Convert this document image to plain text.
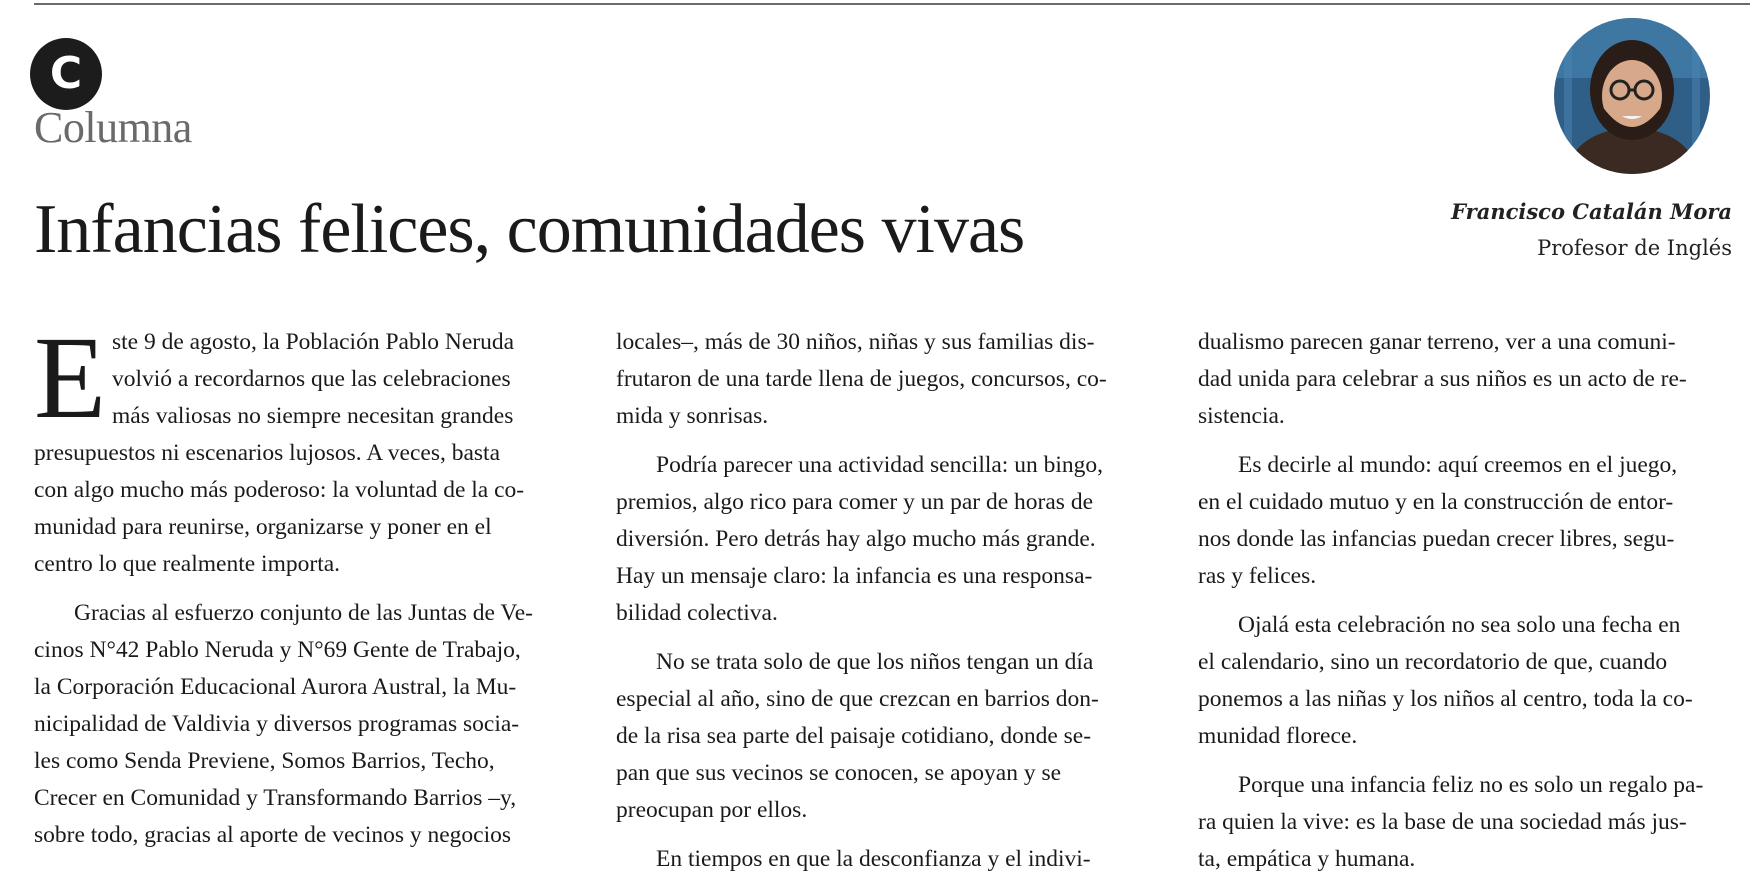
C
Columna
Infancias felices, comunidades vivas	Francisco Catalán Mora
Profesor de Inglés
E ste 9 de agosto, la Población Pablo Neruda
volvió a recordarnos que las celebraciones
más valiosas no siempre necesitan grandes
presupuestos ni escenarios lujosos. A veces, basta
con algo mucho más poderoso: la voluntad de la co-
munidad para reunirse, organizarse y poner en el
centro lo que realmente importa.
Gracias al esfuerzo conjunto de las Juntas de Ve-
cinos N°42 Pablo Neruda y N°69 Gente de Trabajo,
la Corporación Educacional Aurora Austral, la Mu-
nicipalidad de Valdivia y diversos programas socia-
les como Senda Previene, Somos Barrios, Techo,
Crecer en Comunidad y Transformando Barrios –y,
sobre todo, gracias al aporte de vecinos y negocios
locales–, más de 30 niños, niñas y sus familias dis-
frutaron de una tarde llena de juegos, concursos, co-
mida y sonrisas.
Podría parecer una actividad sencilla: un bingo,
premios, algo rico para comer y un par de horas de
diversión. Pero detrás hay algo mucho más grande.
Hay un mensaje claro: la infancia es una responsa-
bilidad colectiva.
No se trata solo de que los niños tengan un día
especial al año, sino de que crezcan en barrios don-
de la risa sea parte del paisaje cotidiano, donde se-
pan que sus vecinos se conocen, se apoyan y se
preocupan por ellos.
En tiempos en que la desconfianza y el indivi-
dualismo parecen ganar terreno, ver a una comuni-
dad unida para celebrar a sus niños es un acto de re-
sistencia.
Es decirle al mundo: aquí creemos en el juego,
en el cuidado mutuo y en la construcción de entor-
nos donde las infancias puedan crecer libres, segu-
ras y felices.
Ojalá esta celebración no sea solo una fecha en
el calendario, sino un recordatorio de que, cuando
ponemos a las niñas y los niños al centro, toda la co-
munidad florece.
Porque una infancia feliz no es solo un regalo pa-
ra quien la vive: es la base de una sociedad más jus-
ta, empática y humana.
